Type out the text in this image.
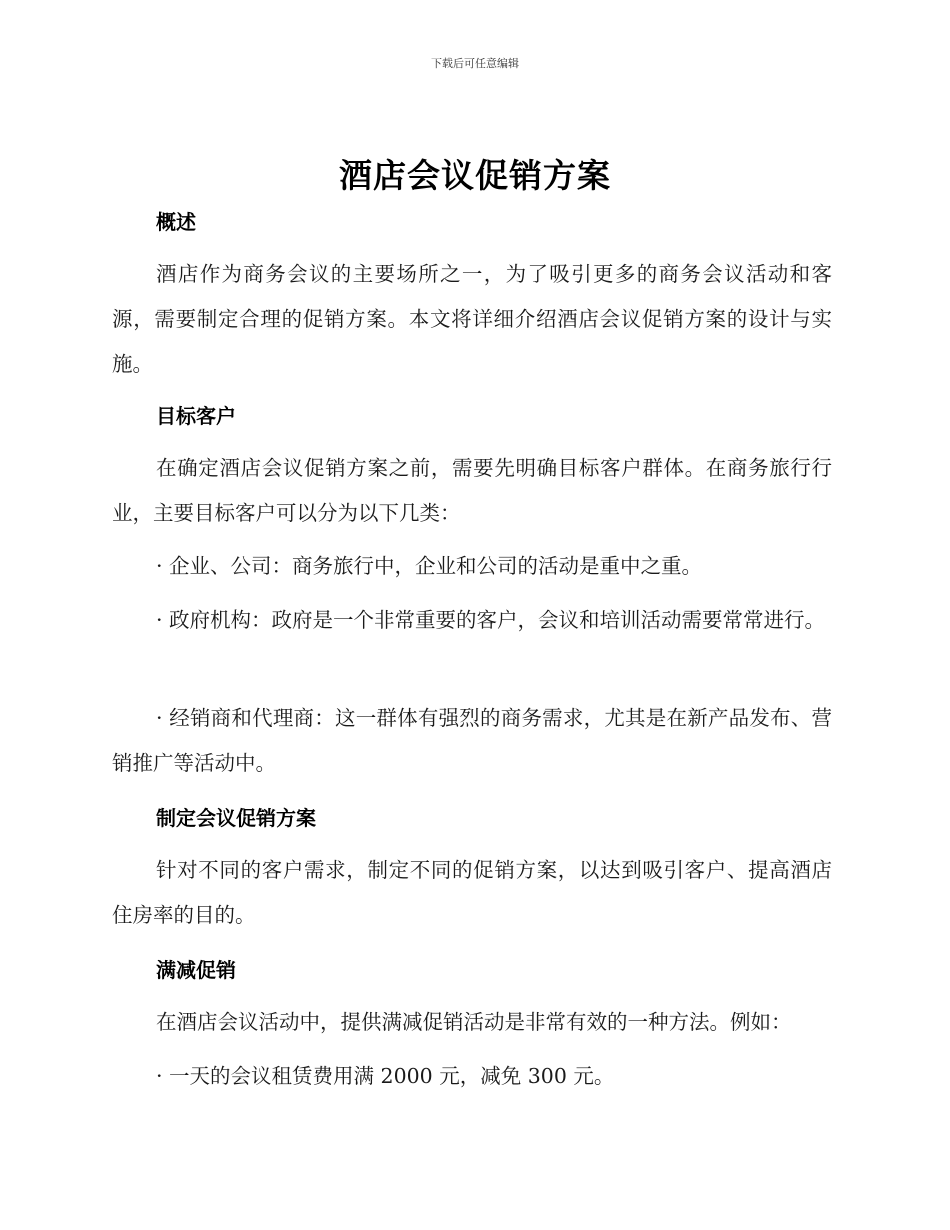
下载后可任意编辑
酒店会议促销方案
概述

酒店作为商务会议的主要场所之一，为了吸引更多的商务会议活动和客源，需要制定合理的促销方案。本文将详细介绍酒店会议促销方案的设计与实施。

目标客户

在确定酒店会议促销方案之前，需要先明确目标客户群体。在商务旅行行业，主要目标客户可以分为以下几类：

· 企业、公司：商务旅行中，企业和公司的活动是重中之重。

· 政府机构：政府是一个非常重要的客户，会议和培训活动需要常常进行。

· 经销商和代理商：这一群体有强烈的商务需求，尤其是在新产品发布、营销推广等活动中。

制定会议促销方案

针对不同的客户需求，制定不同的促销方案，以达到吸引客户、提高酒店住房率的目的。

满减促销

在酒店会议活动中，提供满减促销活动是非常有效的一种方法。例如：

· 一天的会议租赁费用满 2000 元，减免 300 元。
